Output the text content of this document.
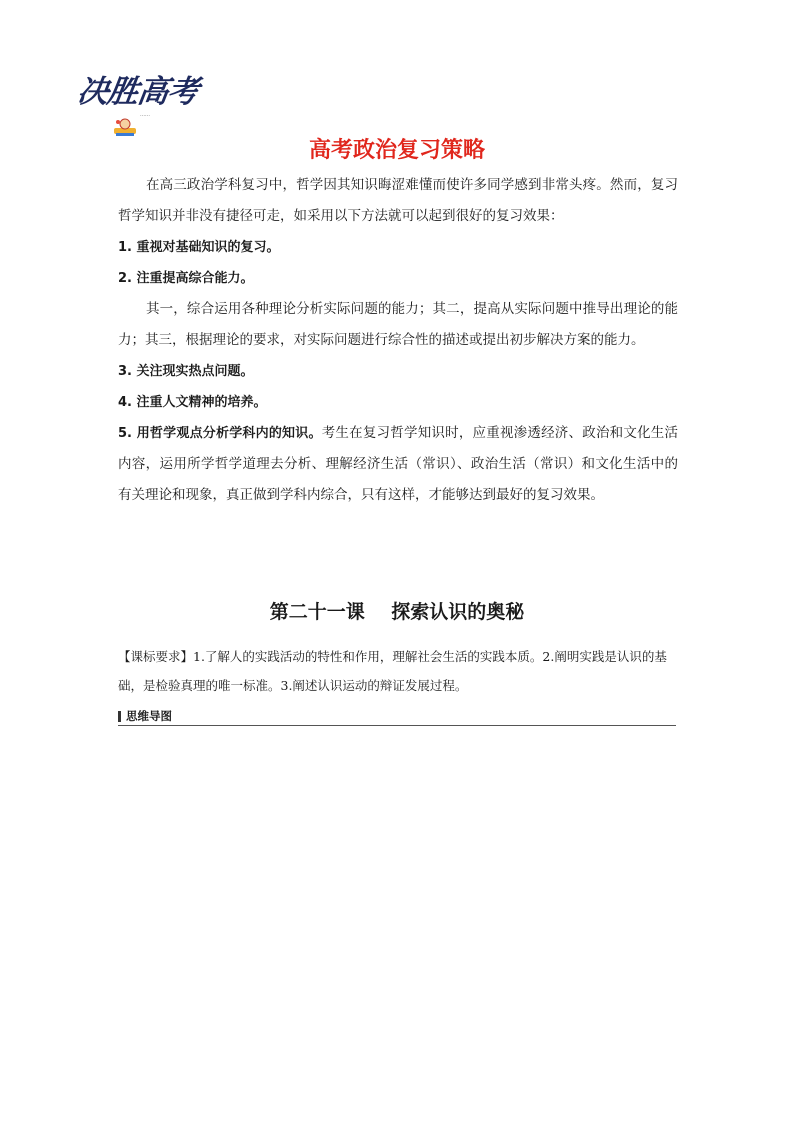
决胜高考
……
高考政治复习策略

在高三政治学科复习中，哲学因其知识晦涩难懂而使许多同学感到非常头疼。然而，复习哲学知识并非没有捷径可走，如采用以下方法就可以起到很好的复习效果：

1. 重视对基础知识的复习。

2. 注重提高综合能力。

其一，综合运用各种理论分析实际问题的能力；其二，提高从实际问题中推导出理论的能力；其三，根据理论的要求，对实际问题进行综合性的描述或提出初步解决方案的能力。

3. 关注现实热点问题。

4. 注重人文精神的培养。

5. 用哲学观点分析学科内的知识。考生在复习哲学知识时，应重视渗透经济、政治和文化生活内容，运用所学哲学道理去分析、理解经济生活（常识）、政治生活（常识）和文化生活中的有关理论和现象，真正做到学科内综合，只有这样，才能够达到最好的复习效果。

第二十一课    探索认识的奥秘

【课标要求】1.了解人的实践活动的特性和作用，理解社会生活的实践本质。2.阐明实践是认识的基础，是检验真理的唯一标准。3.阐述认识运动的辩证发展过程。

思维导图
